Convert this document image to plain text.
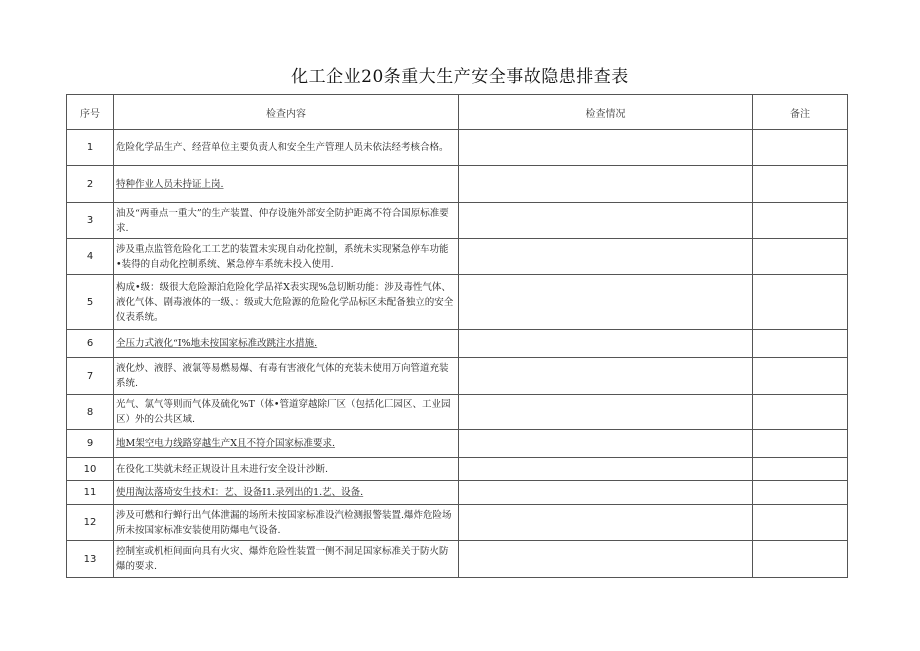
化工企业20条重大生产安全事故隐患排查表
序号	检查内容	检查情况	备注
1	危险化学品生产、经营单位主要负责人和安全生产管理人员未依法经考核合格。		
2	特种作业人员未持证上岗.		
3	油及“两垂点一重大”的生产装置、仲存设施外部安全防护距离不符合国原标准要求.		
4	涉及重点监管危险化工工艺的装置未实现自动化控制，系统未实现紧急停车功能•装得的自动化控制系统、紧急停车系统未投入使用.		
5	构成•级：级很大危险源泊危险化学品祥X表实现%急切断功能：涉及毒性气体、液化气体、剧毒液体的一级、：级或大危险源的危险化学品标区未配备独立的安全仪表系统。		
6	全压力式液化“I%地未按国家标准改跳注水措施.		
7	液化炒、液脬、液氯等易燃易爆、有毒有害液化气体的充装未使用万向管道充装系统.		
8	光气、氯气等则而气体及硫化%T（体•管道穿越除厂区（包括化匚园区、工业园区）外的公共区域.		
9	地M架空电力线路穿越生产X且不符介国家标准要求.		
10	在役化工奘就未经正规设计且未进行安全设计沙断.		
11	使用淘汰落埼安生技术I：艺、设备I1.录列出的1.艺、设备.		
12	涉及可燃和行蝉行出气体泄漏的场所未按国家标准设汽检测报警装置.爆炸危险场所未按国家标准安装使用防爆电气设备.		
13	控制室或机柜间面向具有火灾、爆炸危险性装置一侧不洞足国家标准关于防火防爆的要求.		
